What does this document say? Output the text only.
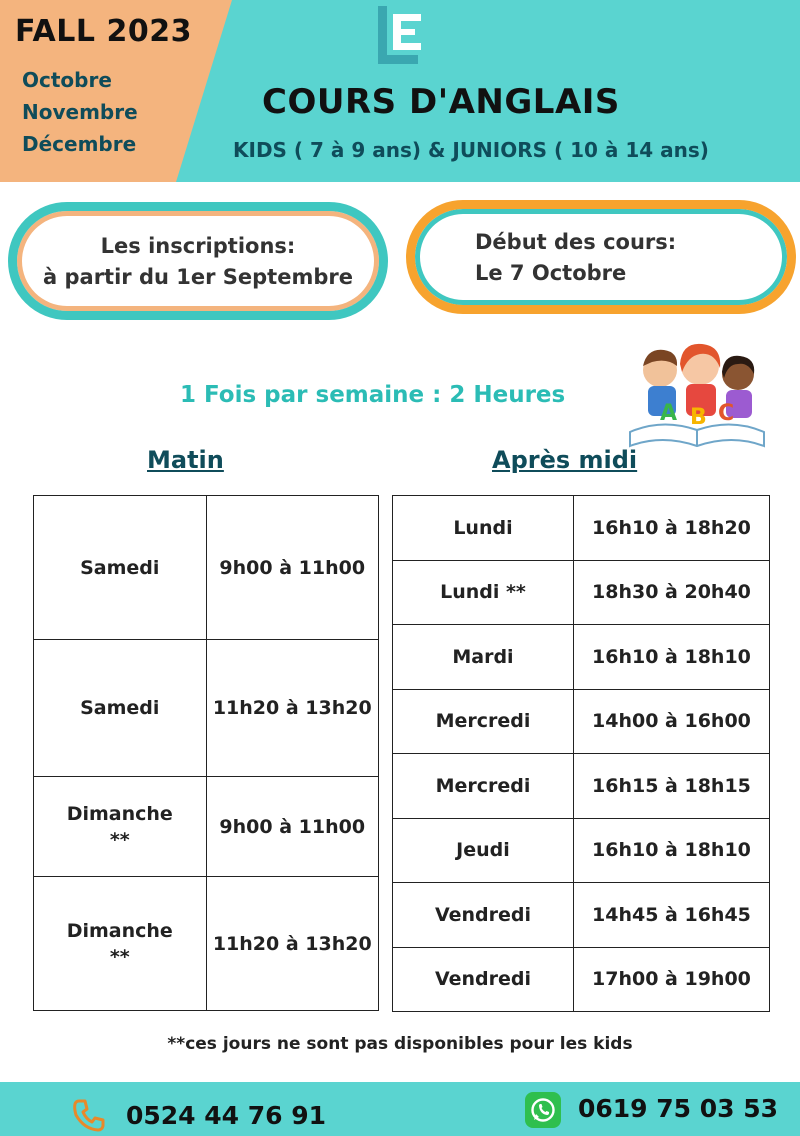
FALL 2023
Octobre
Novembre
Décembre
COURS D'ANGLAIS
KIDS ( 7 à 9 ans) & JUNIORS ( 10 à 14 ans)
Les inscriptions:
à partir du 1er Septembre
Début des cours:
Le 7 Octobre
1 Fois par semaine : 2 Heures
A B C
Matin	Après midi
Samedi	9h00 à 11h00

Samedi	11h20 à 13h20

Dimanche
**	9h00 à 11h00

Dimanche
**	11h20 à 13h20
Lundi	16h10 à 18h20
Lundi **	18h30 à 20h40
Mardi	16h10 à 18h10
Mercredi	14h00 à 16h00
Mercredi	16h15 à 18h15
Jeudi	16h10 à 18h10
Vendredi	14h45 à 16h45
Vendredi	17h00 à 19h00
**ces jours ne sont pas disponibles pour les kids
0524 44 76 91	0619 75 03 53
